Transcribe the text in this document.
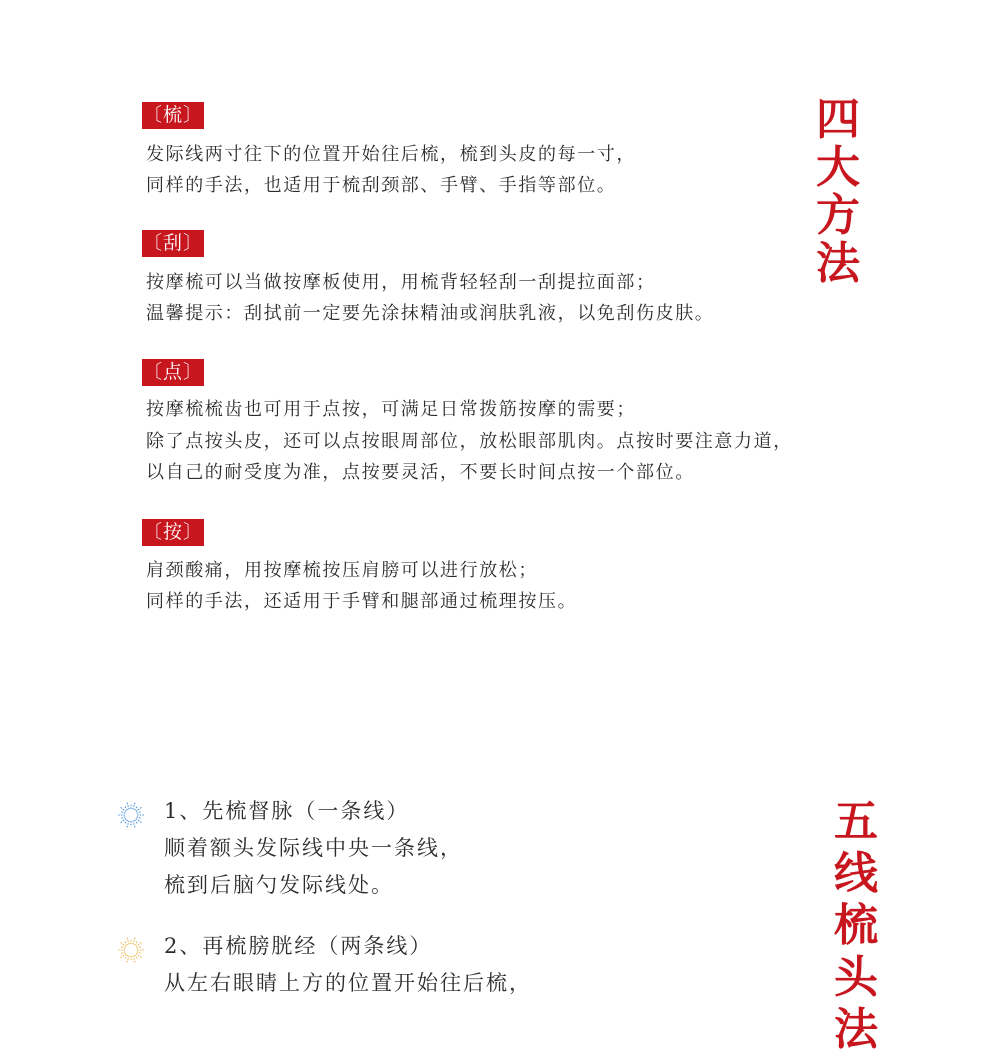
四
大
方
法
〔梳〕
发际线两寸往下的位置开始往后梳，梳到头皮的每一寸，
同样的手法，也适用于梳刮颈部、手臂、手指等部位。
〔刮〕
按摩梳可以当做按摩板使用，用梳背轻轻刮一刮提拉面部；
温馨提示：刮拭前一定要先涂抹精油或润肤乳液，以免刮伤皮肤。
〔点〕
按摩梳梳齿也可用于点按，可满足日常拨筋按摩的需要；
除了点按头皮，还可以点按眼周部位，放松眼部肌肉。点按时要注意力道，
以自己的耐受度为准，点按要灵活，不要长时间点按一个部位。
〔按〕
肩颈酸痛，用按摩梳按压肩膀可以进行放松；
同样的手法，还适用于手臂和腿部通过梳理按压。
五
线
梳
头
法
1、先梳督脉（一条线）
顺着额头发际线中央一条线，
梳到后脑勺发际线处。
2、再梳膀胱经（两条线）
从左右眼睛上方的位置开始往后梳，
